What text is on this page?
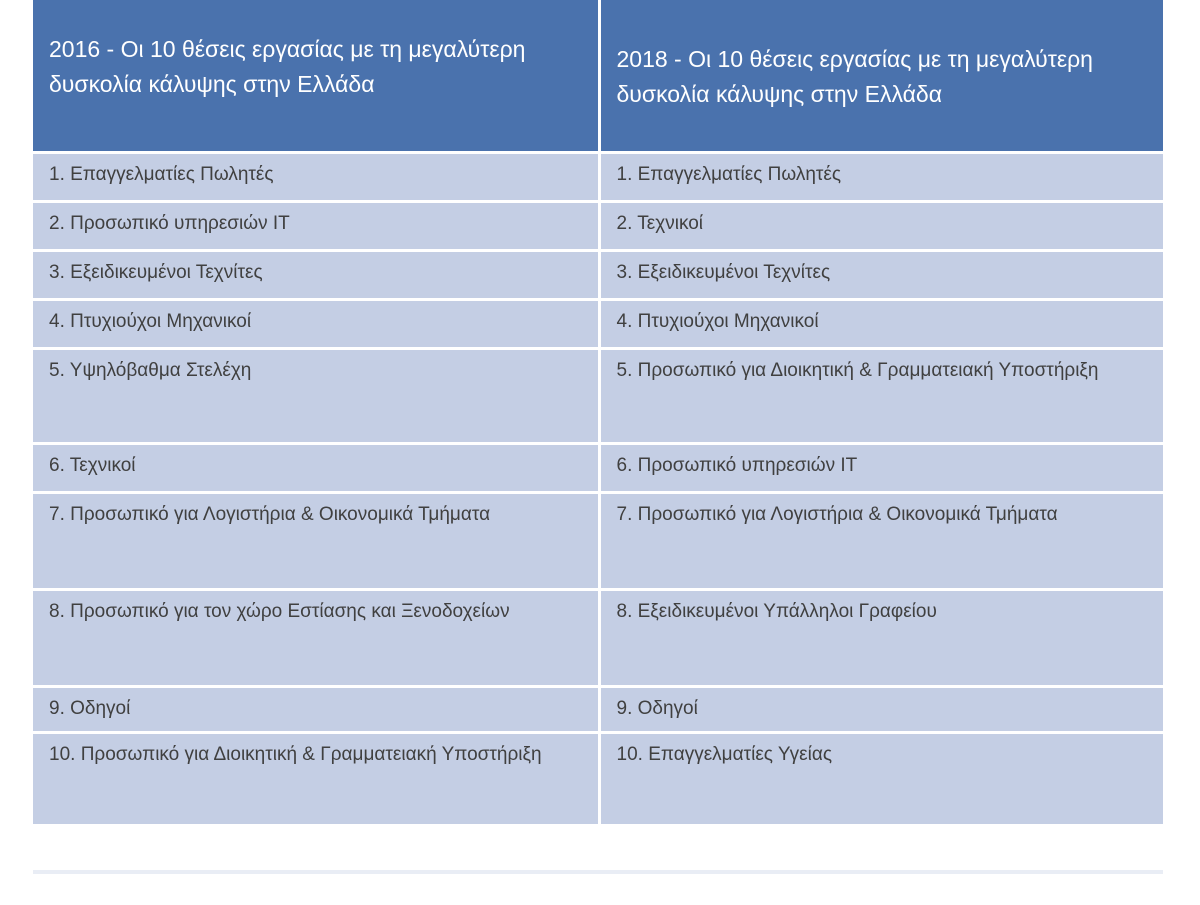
2016 - Οι 10 θέσεις εργασίας με τη μεγαλύτερη δυσκολία κάλυψης στην Ελλάδα	2018 - Οι 10 θέσεις εργασίας με τη μεγαλύτερη δυσκολία κάλυψης στην Ελλάδα
1. Επαγγελματίες Πωλητές	1. Επαγγελματίες Πωλητές
2. Προσωπικό υπηρεσιών IT	2. Τεχνικοί
3. Εξειδικευμένοι Τεχνίτες	3. Εξειδικευμένοι Τεχνίτες
4. Πτυχιούχοι Μηχανικοί	4. Πτυχιούχοι Μηχανικοί
5. Υψηλόβαθμα Στελέχη	5. Προσωπικό για Διοικητική & Γραμματειακή Υποστήριξη
6. Τεχνικοί	6. Προσωπικό υπηρεσιών IT
7. Προσωπικό για Λογιστήρια & Οικονομικά Τμήματα	7. Προσωπικό για Λογιστήρια & Οικονομικά Τμήματα
8. Προσωπικό για τον χώρο Εστίασης και Ξενοδοχείων	8. Εξειδικευμένοι Υπάλληλοι Γραφείου
9. Οδηγοί	9. Οδηγοί
10. Προσωπικό για Διοικητική & Γραμματειακή Υποστήριξη	10. Επαγγελματίες Υγείας
